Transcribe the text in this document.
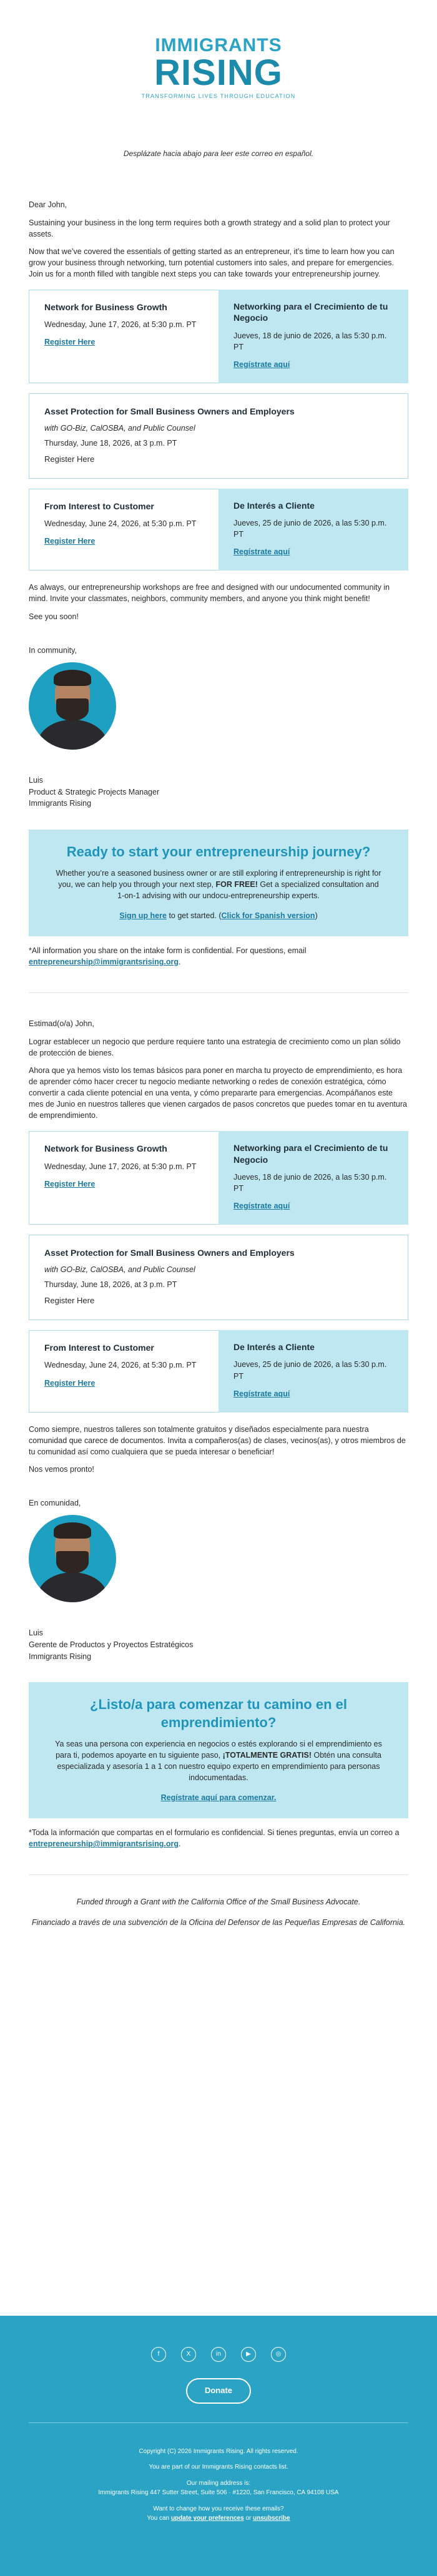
IMMIGRANTS
RISING
TRANSFORMING LIVES THROUGH EDUCATION

Desplázate hacia abajo para leer este correo en español.

Dear John,

Sustaining your business in the long term requires both a growth strategy and a solid plan to protect your assets.

Now that we’ve covered the essentials of getting started as an entrepreneur, it’s time to learn how you can grow your business through networking, turn potential customers into sales, and prepare for emergencies. Join us for a month filled with tangible next steps you can take towards your entrepreneurship journey.

Network for Business Growth
Wednesday, June 17, 2026, at 5:30 p.m. PT
Register Here
Networking para el Crecimiento de tu Negocio
Jueves, 18 de junio de 2026, a las 5:30 p.m. PT
Regístrate aquí
Asset Protection for Small Business Owners and Employers
with GO-Biz, CalOSBA, and Public Counsel
Thursday, June 18, 2026, at 3 p.m. PT
Register Here
From Interest to Customer
Wednesday, June 24, 2026, at 5:30 p.m. PT
Register Here
De Interés a Cliente
Jueves, 25 de junio de 2026, a las 5:30 p.m. PT
Regístrate aquí

As always, our entrepreneurship workshops are free and designed with our undocumented community in mind. Invite your classmates, neighbors, community members, and anyone you think might benefit!

See you soon!

In community,

Luis
Product & Strategic Projects Manager
Immigrants Rising
Ready to start your entrepreneurship journey?

Whether you’re a seasoned business owner or are still exploring if entrepreneurship is right for you, we can help you through your next step, FOR FREE! Get a specialized consultation and 1-on-1 advising with our undocu-entrepreneurship experts.

Sign up here to get started. (Click for Spanish version)

*All information you share on the intake form is confidential. For questions, email entrepreneurship@immigrantsrising.org.

Estimad(o/a) John,

Lograr establecer un negocio que perdure requiere tanto una estrategia de crecimiento como un plan sólido de protección de bienes.

Ahora que ya hemos visto los temas básicos para poner en marcha tu proyecto de emprendimiento, es hora de aprender cómo hacer crecer tu negocio mediante networking o redes de conexión estratégica, cómo convertir a cada cliente potencial en una venta, y cómo prepararte para emergencias. Acompáñanos este mes de Junio en nuestros talleres que vienen cargados de pasos concretos que puedes tomar en tu aventura de emprendimiento.

Network for Business Growth
Wednesday, June 17, 2026, at 5:30 p.m. PT
Register Here
Networking para el Crecimiento de tu Negocio
Jueves, 18 de junio de 2026, a las 5:30 p.m. PT
Regístrate aquí
Asset Protection for Small Business Owners and Employers
with GO-Biz, CalOSBA, and Public Counsel
Thursday, June 18, 2026, at 3 p.m. PT
Register Here
From Interest to Customer
Wednesday, June 24, 2026, at 5:30 p.m. PT
Register Here
De Interés a Cliente
Jueves, 25 de junio de 2026, a las 5:30 p.m. PT
Regístrate aquí

Como siempre, nuestros talleres son totalmente gratuitos y diseñados especialmente para nuestra comunidad que carece de documentos. Invita a compañeros(as) de clases, vecinos(as), y otros miembros de tu comunidad así como cualquiera que se pueda interesar o beneficiar!

Nos vemos pronto!

En comunidad,

Luis
Gerente de Productos y Proyectos Estratégicos
Immigrants Rising
¿Listo/a para comenzar tu camino en el emprendimiento?

Ya seas una persona con experiencia en negocios o estés explorando si el emprendimiento es para ti, podemos apoyarte en tu siguiente paso, ¡TOTALMENTE GRATIS! Obtén una consulta especializada y asesoría 1 a 1 con nuestro equipo experto en emprendimiento para personas indocumentadas.

Regístrate aquí para comenzar.

*Toda la información que compartas en el formulario es confidencial. Si tienes preguntas, envía un correo a entrepreneurship@immigrantsrising.org.

Funded through a Grant with the California Office of the Small Business Advocate.

Financiado a través de una subvención de la Oficina del Defensor de las Pequeñas Empresas de California.

f	X	in	▶	◎
Donate

Copyright (C) 2026 Immigrants Rising. All rights reserved.

You are part of our Immigrants Rising contacts list.

Our mailing address is:
Immigrants Rising 447 Sutter Street, Suite 506 · #1220, San Francisco, CA 94108 USA

Want to change how you receive these emails?
You can update your preferences or unsubscribe
